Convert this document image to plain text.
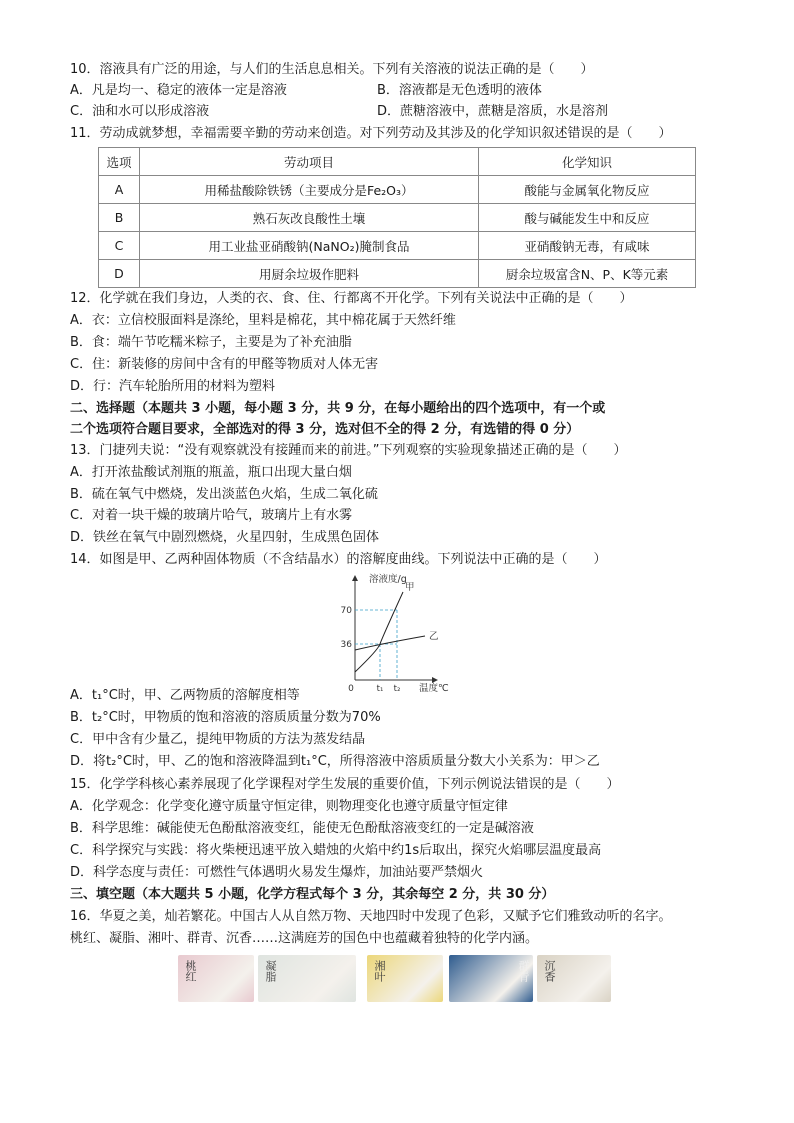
10．溶液具有广泛的用途，与人们的生活息息相关。下列有关溶液的说法正确的是（　　）
A．凡是均一、稳定的液体一定是溶液	B．溶液都是无色透明的液体
C．油和水可以形成溶液	D．蔗糖溶液中，蔗糖是溶质，水是溶剂
11．劳动成就梦想，幸福需要辛勤的劳动来创造。对下列劳动及其涉及的化学知识叙述错误的是（　　）
选项	劳动项目	化学知识
A	用稀盐酸除铁锈（主要成分是Fe₂O₃）	酸能与金属氧化物反应
B	熟石灰改良酸性土壤	酸与碱能发生中和反应
C	用工业盐亚硝酸钠(NaNO₂)腌制食品	亚硝酸钠无毒，有咸味
D	用厨余垃圾作肥料	厨余垃圾富含N、P、K等元素
12．化学就在我们身边，人类的衣、食、住、行都离不开化学。下列有关说法中正确的是（　　）
A．衣：立信校服面料是涤纶，里料是棉花，其中棉花属于天然纤维
B．食：端午节吃糯米粽子，主要是为了补充油脂
C．住：新装修的房间中含有的甲醛等物质对人体无害
D．行：汽车轮胎所用的材料为塑料
二、选择题（本题共 3 小题，每小题 3 分，共 9 分，在每小题给出的四个选项中，有一个或
二个选项符合题目要求，全部选对的得 3 分，选对但不全的得 2 分，有选错的得 0 分）
13．门捷列夫说：“没有观察就没有接踵而来的前进。”下列观察的实验现象描述正确的是（　　）
A．打开浓盐酸试剂瓶的瓶盖，瓶口出现大量白烟
B．硫在氧气中燃烧，发出淡蓝色火焰，生成二氧化硫
C．对着一块干燥的玻璃片哈气，玻璃片上有水雾
D．铁丝在氧气中剧烈燃烧，火星四射，生成黑色固体
14．如图是甲、乙两种固体物质（不含结晶水）的溶解度曲线。下列说法中正确的是（　　）
溶液度/g
温度℃
0
36
70
t₁ t₂
甲
乙
A．t₁°C时，甲、乙两物质的溶解度相等
B．t₂°C时，甲物质的饱和溶液的溶质质量分数为70%
C．甲中含有少量乙，提纯甲物质的方法为蒸发结晶
D．将t₂°C时，甲、乙的饱和溶液降温到t₁°C，所得溶液中溶质质量分数大小关系为：甲＞乙
15．化学学科核心素养展现了化学课程对学生发展的重要价值，下列示例说法错误的是（　　）
A．化学观念：化学变化遵守质量守恒定律，则物理变化也遵守质量守恒定律
B．科学思维：碱能使无色酚酞溶液变红，能使无色酚酞溶液变红的一定是碱溶液
C．科学探究与实践：将火柴梗迅速平放入蜡烛的火焰中约1s后取出，探究火焰哪层温度最高
D．科学态度与责任：可燃性气体遇明火易发生爆炸，加油站要严禁烟火
三、填空题（本大题共 5 小题，化学方程式每个 3 分，其余每空 2 分，共 30 分）
16．华夏之美，灿若繁花。中国古人从自然万物、天地四时中发现了色彩，又赋予它们雅致动听的名字。
桃红、凝脂、湘叶、群青、沉香……这满庭芳的国色中也蕴藏着独特的化学内涵。
桃红	凝脂	湘叶	群青 沉香
